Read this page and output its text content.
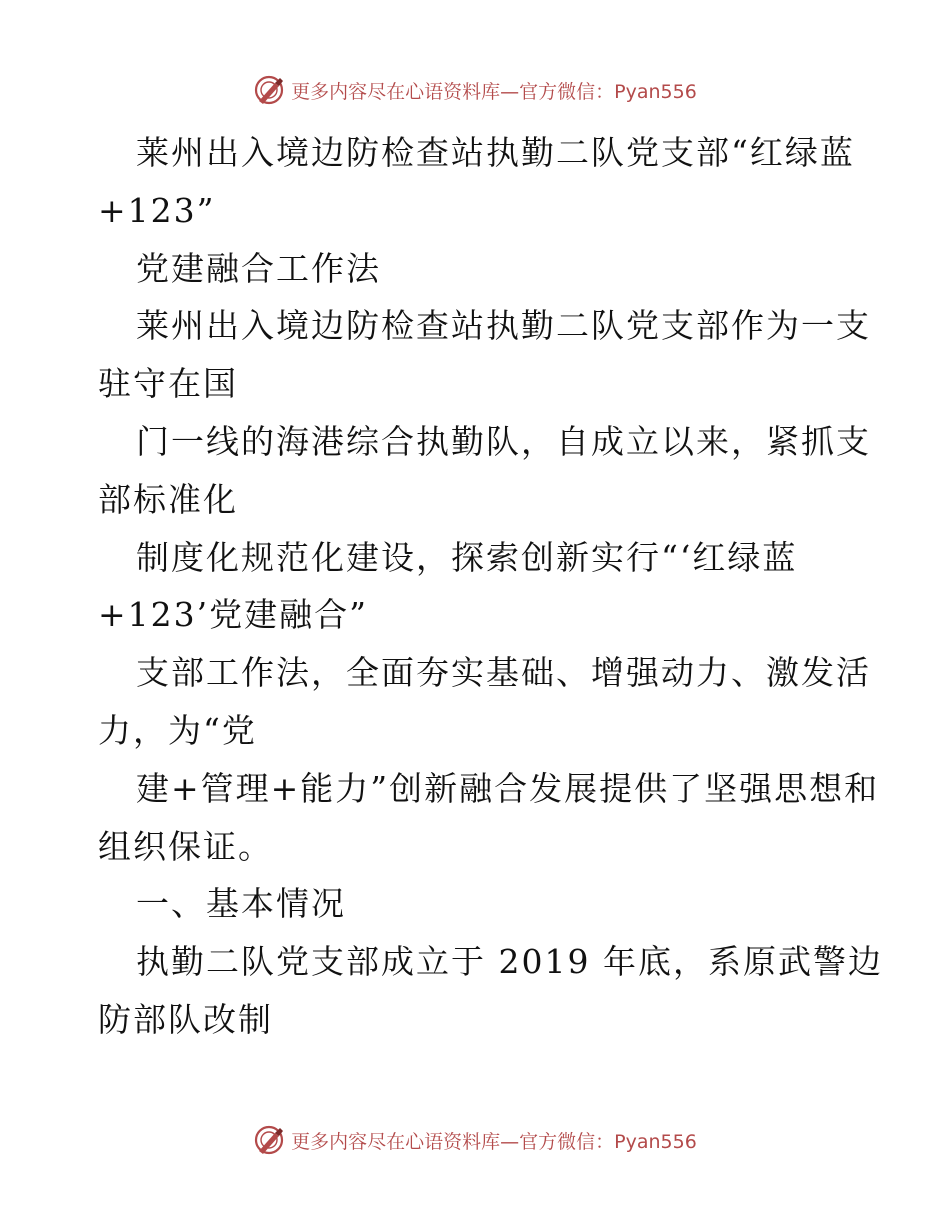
更多内容尽在心语资料库—官方微信：Pyan556
莱州出入境边防检查站执勤二队党支部“红绿蓝
+123”
党建融合工作法
莱州出入境边防检查站执勤二队党支部作为一支
驻守在国
门一线的海港综合执勤队，自成立以来，紧抓支
部标准化
制度化规范化建设，探索创新实行“‘红绿蓝
+123’党建融合”
支部工作法，全面夯实基础、增强动力、激发活
力，为“党
建+管理+能力”创新融合发展提供了坚强思想和
组织保证。
一、基本情况
执勤二队党支部成立于 2019 年底，系原武警边
防部队改制
更多内容尽在心语资料库—官方微信：Pyan556
